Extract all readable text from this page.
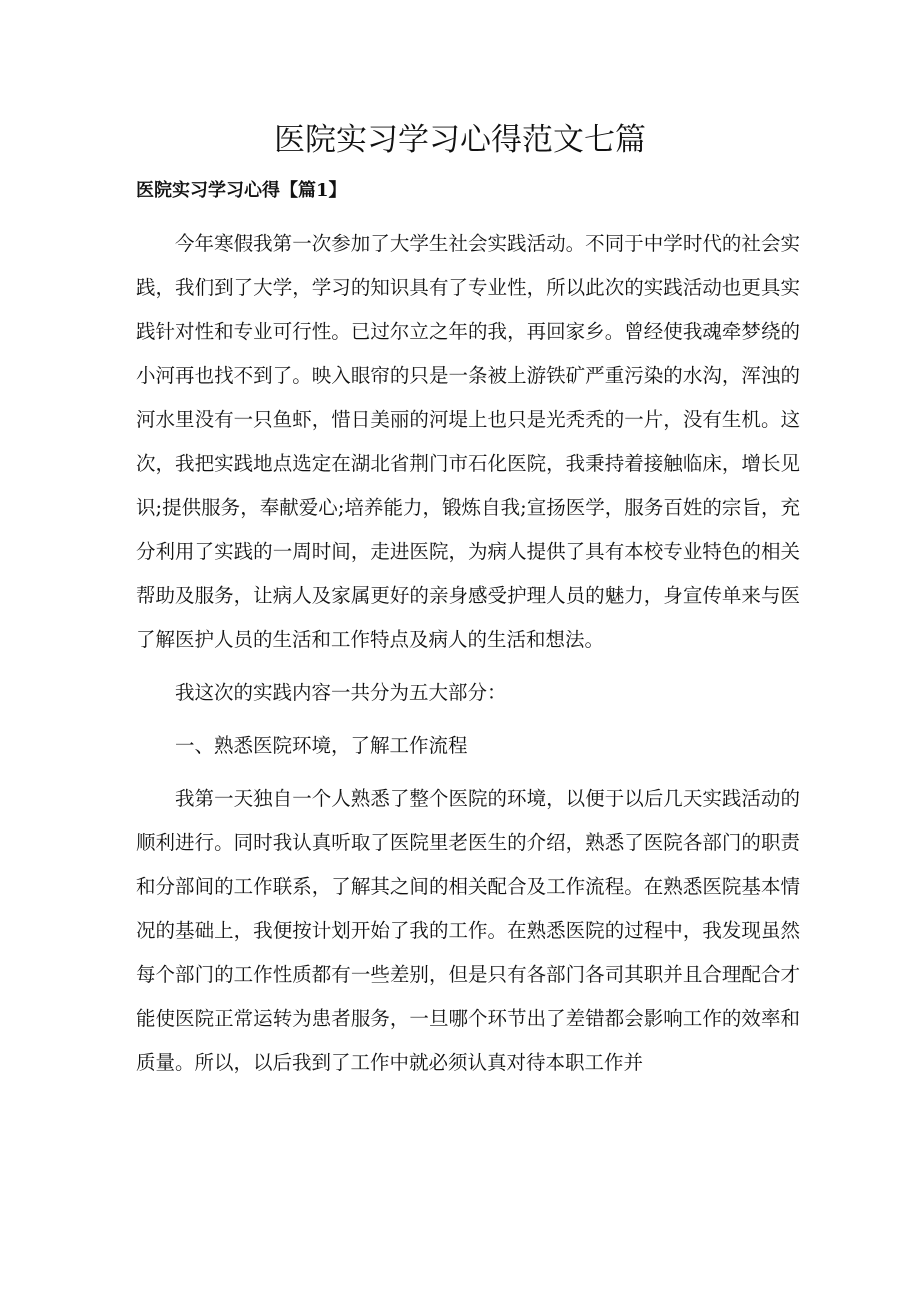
医院实习学习心得范文七篇
医院实习学习心得【篇1】

今年寒假我第一次参加了大学生社会实践活动。不同于中学时代的社会实践，我们到了大学，学习的知识具有了专业性，所以此次的实践活动也更具实践针对性和专业可行性。已过尔立之年的我，再回家乡。曾经使我魂牵梦绕的小河再也找不到了。映入眼帘的只是一条被上游铁矿严重污染的水沟，浑浊的河水里没有一只鱼虾，惜日美丽的河堤上也只是光秃秃的一片，没有生机。这次，我把实践地点选定在湖北省荆门市石化医院，我秉持着接触临床，增长见识;提供服务，奉献爱心;培养能力，锻炼自我;宣扬医学，服务百姓的宗旨，充分利用了实践的一周时间，走进医院，为病人提供了具有本校专业特色的相关帮助及服务，让病人及家属更好的亲身感受护理人员的魅力，身宣传单来与医了解医护人员的生活和工作特点及病人的生活和想法。

我这次的实践内容一共分为五大部分：

一、熟悉医院环境，了解工作流程

我第一天独自一个人熟悉了整个医院的环境，以便于以后几天实践活动的顺利进行。同时我认真听取了医院里老医生的介绍，熟悉了医院各部门的职责和分部间的工作联系，了解其之间的相关配合及工作流程。在熟悉医院基本情况的基础上，我便按计划开始了我的工作。在熟悉医院的过程中，我发现虽然每个部门的工作性质都有一些差别，但是只有各部门各司其职并且合理配合才能使医院正常运转为患者服务，一旦哪个环节出了差错都会影响工作的效率和质量。所以，以后我到了工作中就必须认真对待本职工作并
